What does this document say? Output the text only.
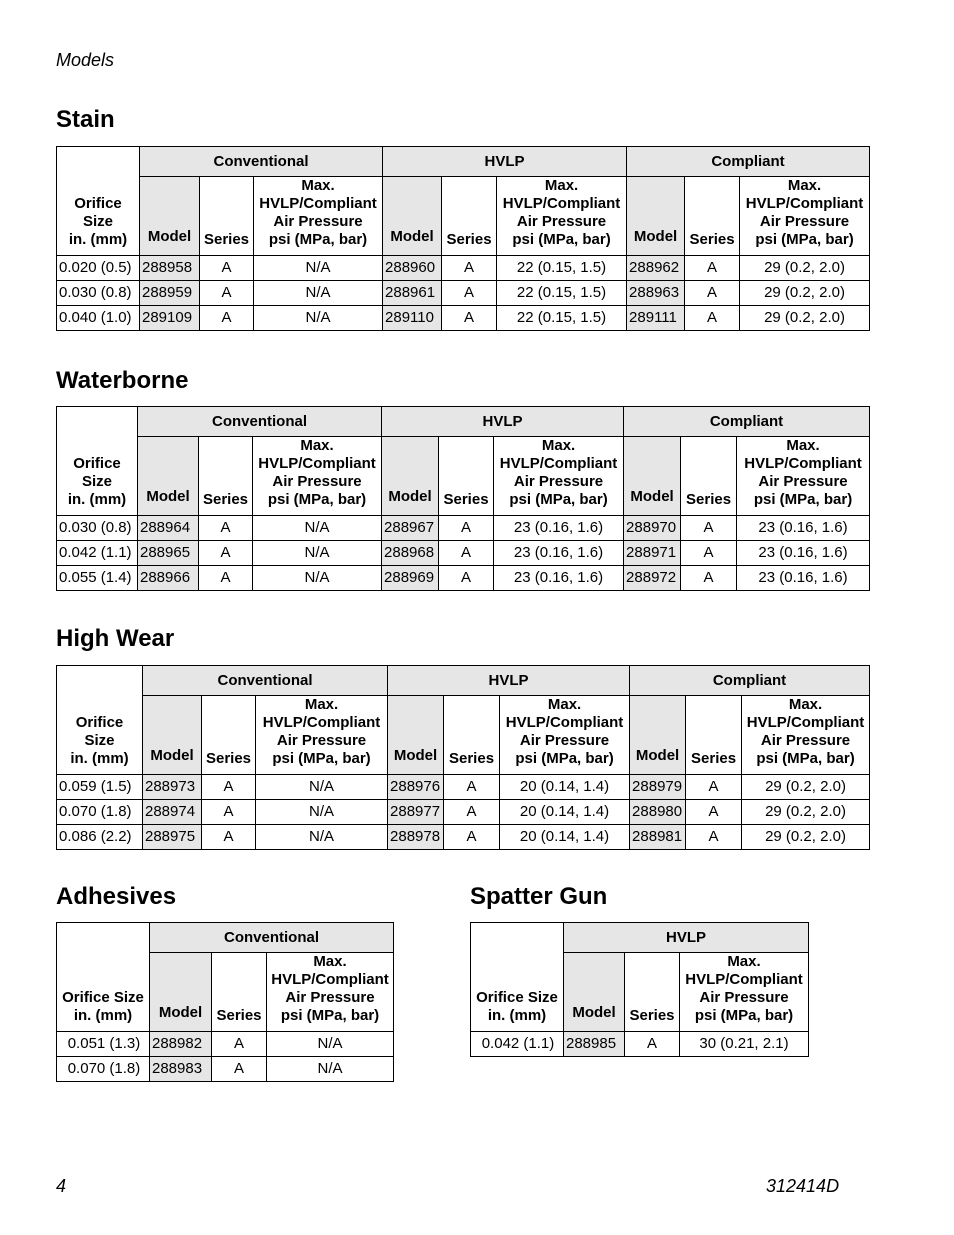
Models
Stain
Orifice
Size
in. (mm)	Conventional			HVLP			Compliant		
	Model	Series	Max.
HVLP/Compliant
Air Pressure
psi (MPa, bar)	Model	Series	Max.
HVLP/Compliant
Air Pressure
psi (MPa, bar)	Model	Series	Max.
HVLP/Compliant
Air Pressure
psi (MPa, bar)
0.020 (0.5)	288958	A	N/A	288960	A	22 (0.15, 1.5)	288962	A	29 (0.2, 2.0)
0.030 (0.8)	288959	A	N/A	288961	A	22 (0.15, 1.5)	288963	A	29 (0.2, 2.0)
0.040 (1.0)	289109	A	N/A	289110	A	22 (0.15, 1.5)	289111	A	29 (0.2, 2.0)
Waterborne
Orifice
Size
in. (mm)	Conventional			HVLP			Compliant		
	Model	Series	Max.
HVLP/Compliant
Air Pressure
psi (MPa, bar)	Model	Series	Max.
HVLP/Compliant
Air Pressure
psi (MPa, bar)	Model	Series	Max.
HVLP/Compliant
Air Pressure
psi (MPa, bar)
0.030 (0.8)	288964	A	N/A	288967	A	23 (0.16, 1.6)	288970	A	23 (0.16, 1.6)
0.042 (1.1)	288965	A	N/A	288968	A	23 (0.16, 1.6)	288971	A	23 (0.16, 1.6)
0.055 (1.4)	288966	A	N/A	288969	A	23 (0.16, 1.6)	288972	A	23 (0.16, 1.6)
High Wear
Orifice
Size
in. (mm)	Conventional			HVLP			Compliant		
	Model	Series	Max.
HVLP/Compliant
Air Pressure
psi (MPa, bar)	Model	Series	Max.
HVLP/Compliant
Air Pressure
psi (MPa, bar)	Model	Series	Max.
HVLP/Compliant
Air Pressure
psi (MPa, bar)
0.059 (1.5)	288973	A	N/A	288976	A	20 (0.14, 1.4)	288979	A	29 (0.2, 2.0)
0.070 (1.8)	288974	A	N/A	288977	A	20 (0.14, 1.4)	288980	A	29 (0.2, 2.0)
0.086 (2.2)	288975	A	N/A	288978	A	20 (0.14, 1.4)	288981	A	29 (0.2, 2.0)
Adhesives
Orifice Size
in. (mm)	Conventional		
	Model	Series	Max.
HVLP/Compliant
Air Pressure
psi (MPa, bar)
0.051 (1.3)	288982	A	N/A
0.070 (1.8)	288983	A	N/A
Spatter Gun
Orifice Size
in. (mm)	HVLP		
	Model	Series	Max.
HVLP/Compliant
Air Pressure
psi (MPa, bar)
0.042 (1.1)	288985	A	30 (0.21, 2.1)
4	312414D
